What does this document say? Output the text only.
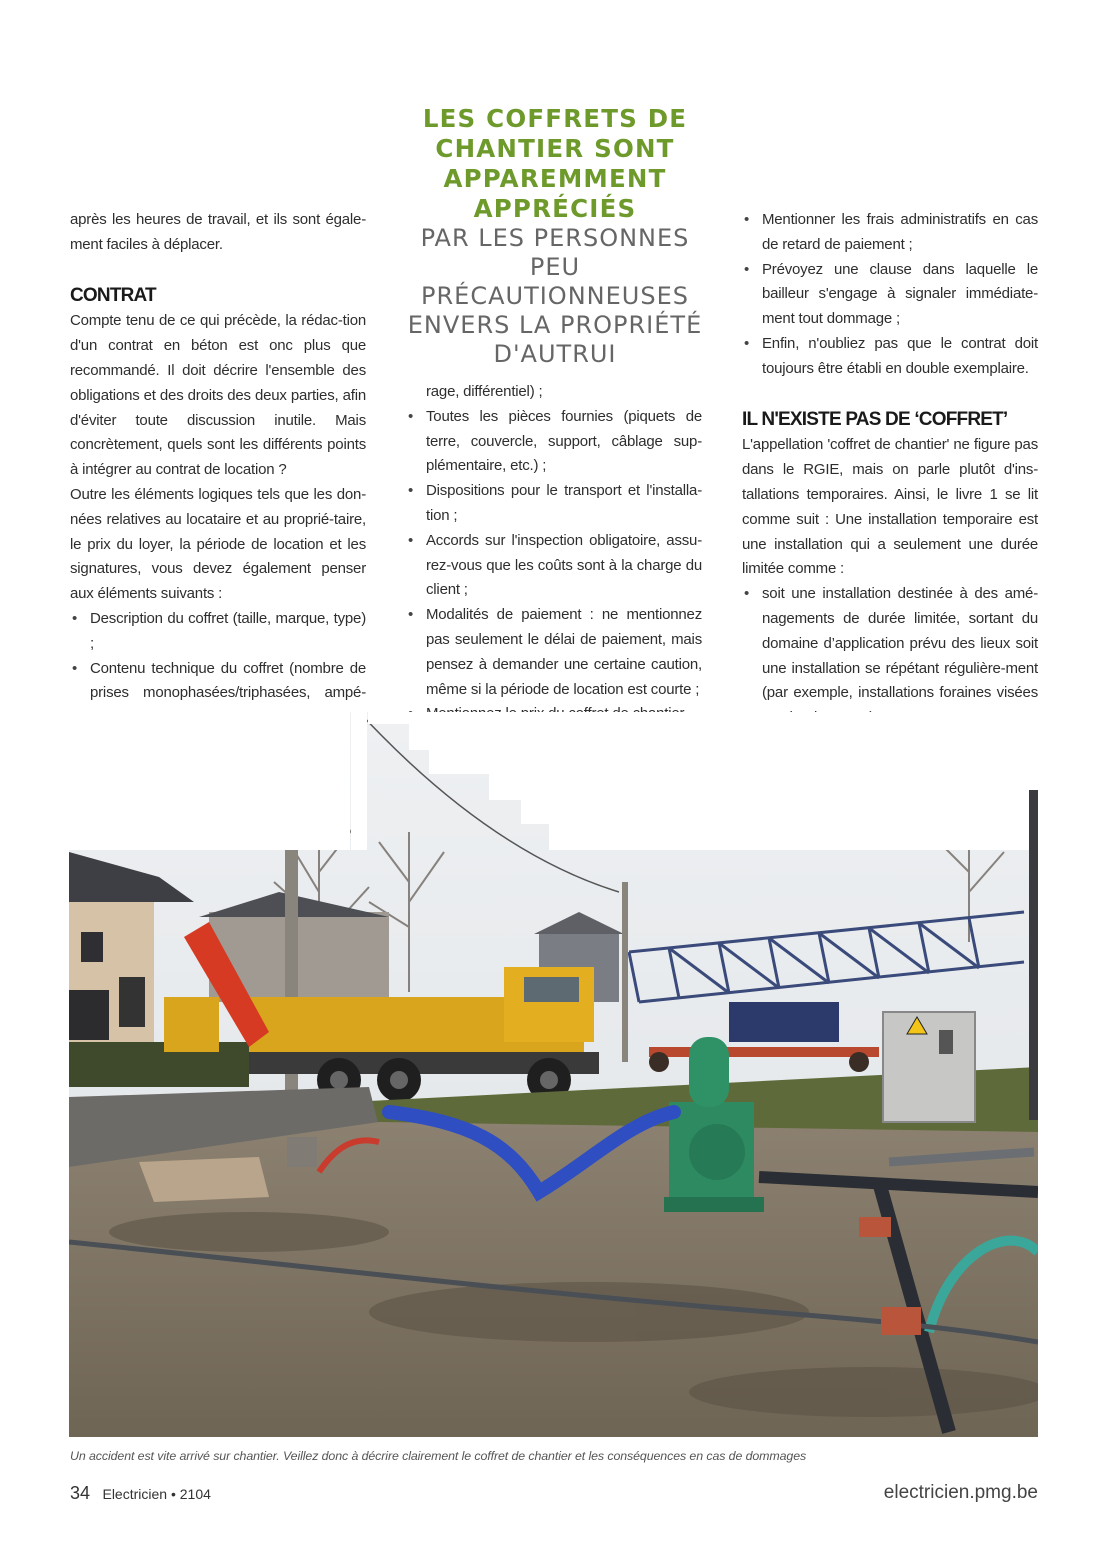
après les heures de travail, et ils sont égale-ment faciles à déplacer.

CONTRAT

Compte tenu de ce qui précède, la rédac-tion d'un contrat en béton est onc plus que recommandé. Il doit décrire l'ensemble des obligations et des droits des deux parties, afin d'éviter toute discussion inutile. Mais concrètement, quels sont les différents points à intégrer au contrat de location ?

Outre les éléments logiques tels que les don-nées relatives au locataire et au proprié-taire, le prix du loyer, la période de location et les signatures, vous devez également penser aux éléments suivants :

• Description du coffret (taille, marque, type) ;
• Contenu technique du coffret (nombre de prises monophasées/triphasées, ampé-
LES COFFRETS DE CHANTIER SONT APPAREMMENT APPRÉCIÉS
PAR LES PERSONNES PEU PRÉCAUTIONNEUSES ENVERS LA PROPRIÉTÉ D'AUTRUI

rage, différentiel) ;

• Toutes les pièces fournies (piquets de terre, couvercle, support, câblage sup-plémentaire, etc.) ;
• Dispositions pour le transport et l'installa-tion ;
• Accords sur l'inspection obligatoire, assu-rez-vous que les coûts sont à la charge du client ;
• Modalités de paiement : ne mentionnez pas seulement le délai de paiement, mais pensez à demander une certaine caution, même si la période de location est courte ;
•
• Mentionner les frais administratifs en cas de retard de paiement ;
• Prévoyez une clause dans laquelle le bailleur s'engage à signaler immédiate-ment tout dommage ;
• Enfin, n'oubliez pas que le contrat doit toujours être établi en double exemplaire.
IL N'EXISTE PAS DE ‘COFFRET’

L'appellation 'coffret de chantier' ne figure pas dans le RGIE, mais on parle plutôt d'ins-tallations temporaires. Ainsi, le livre 1 se lit comme suit : Une installation temporaire est une installation qui a seulement une durée limitée comme :

• soit une installation destinée à des amé-nagements de durée limitée, sortant du domaine d’application prévu des lieux soit une installation se répétant régulière-ment (par exemple, installations foraines visées
•
Un accident est vite arrivé sur chantier. Veillez donc à décrire clairement le coffret de chantier et les conséquences en cas de dommages
34 Electricien • 2104	electricien.pmg.be
